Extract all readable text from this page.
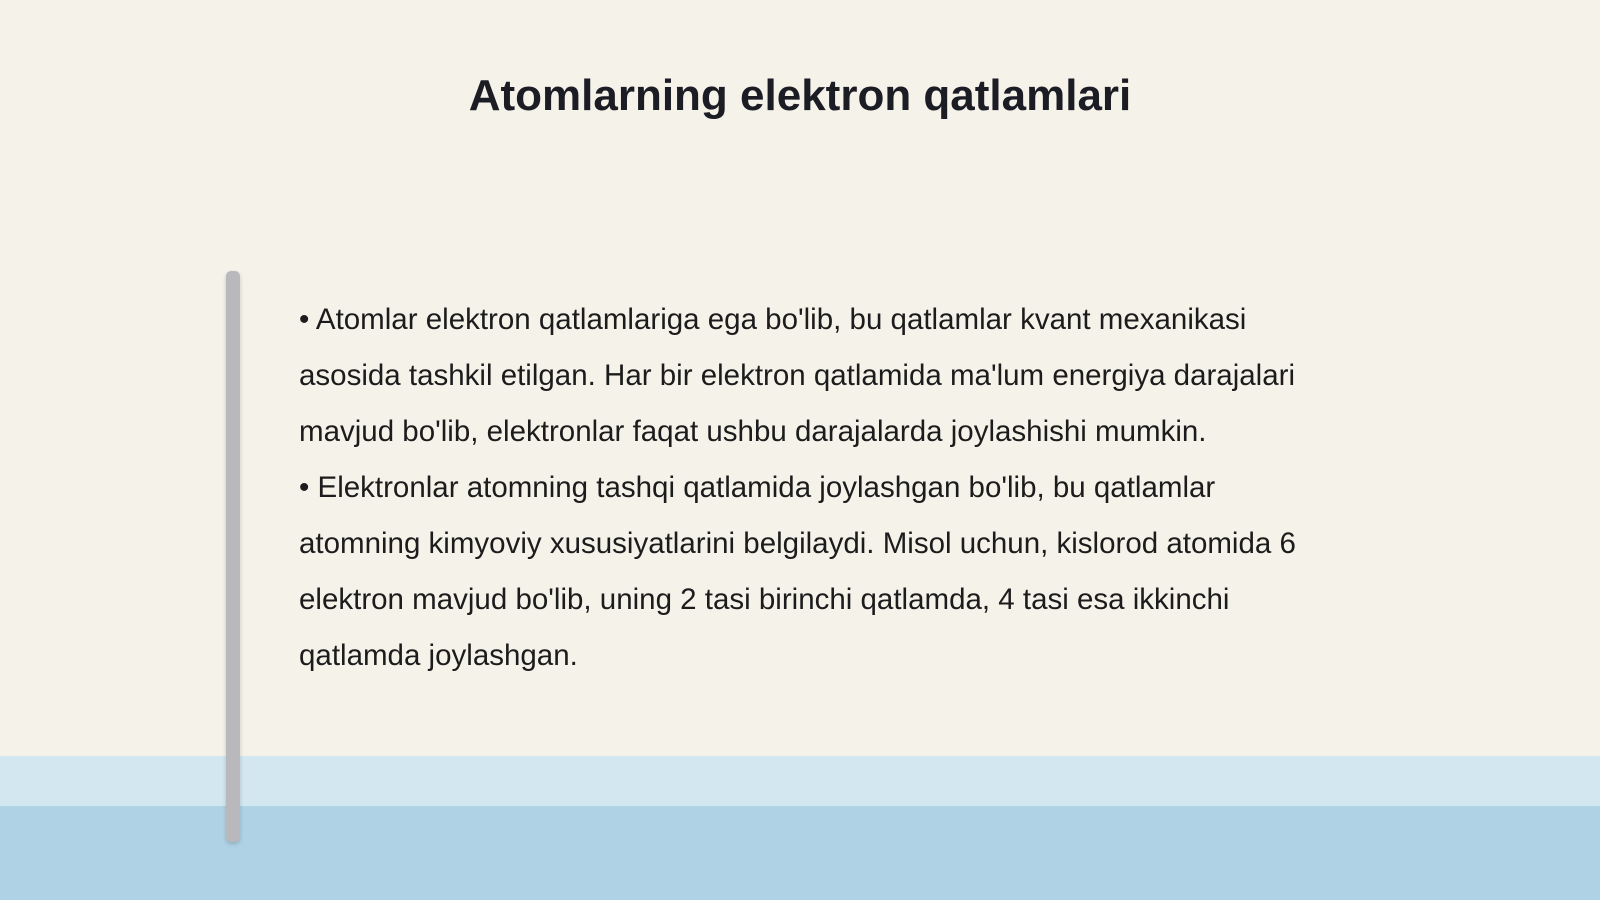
Atomlarning elektron qatlamlari

• Atomlar elektron qatlamlariga ega bo'lib, bu qatlamlar kvant mexanikasi asosida tashkil etilgan. Har bir elektron qatlamida ma'lum energiya darajalari mavjud bo'lib, elektronlar faqat ushbu darajalarda joylashishi mumkin.

• Elektronlar atomning tashqi qatlamida joylashgan bo'lib, bu qatlamlar atomning kimyoviy xususiyatlarini belgilaydi. Misol uchun, kislorod atomida 6 elektron mavjud bo'lib, uning 2 tasi birinchi qatlamda, 4 tasi esa ikkinchi qatlamda joylashgan.
